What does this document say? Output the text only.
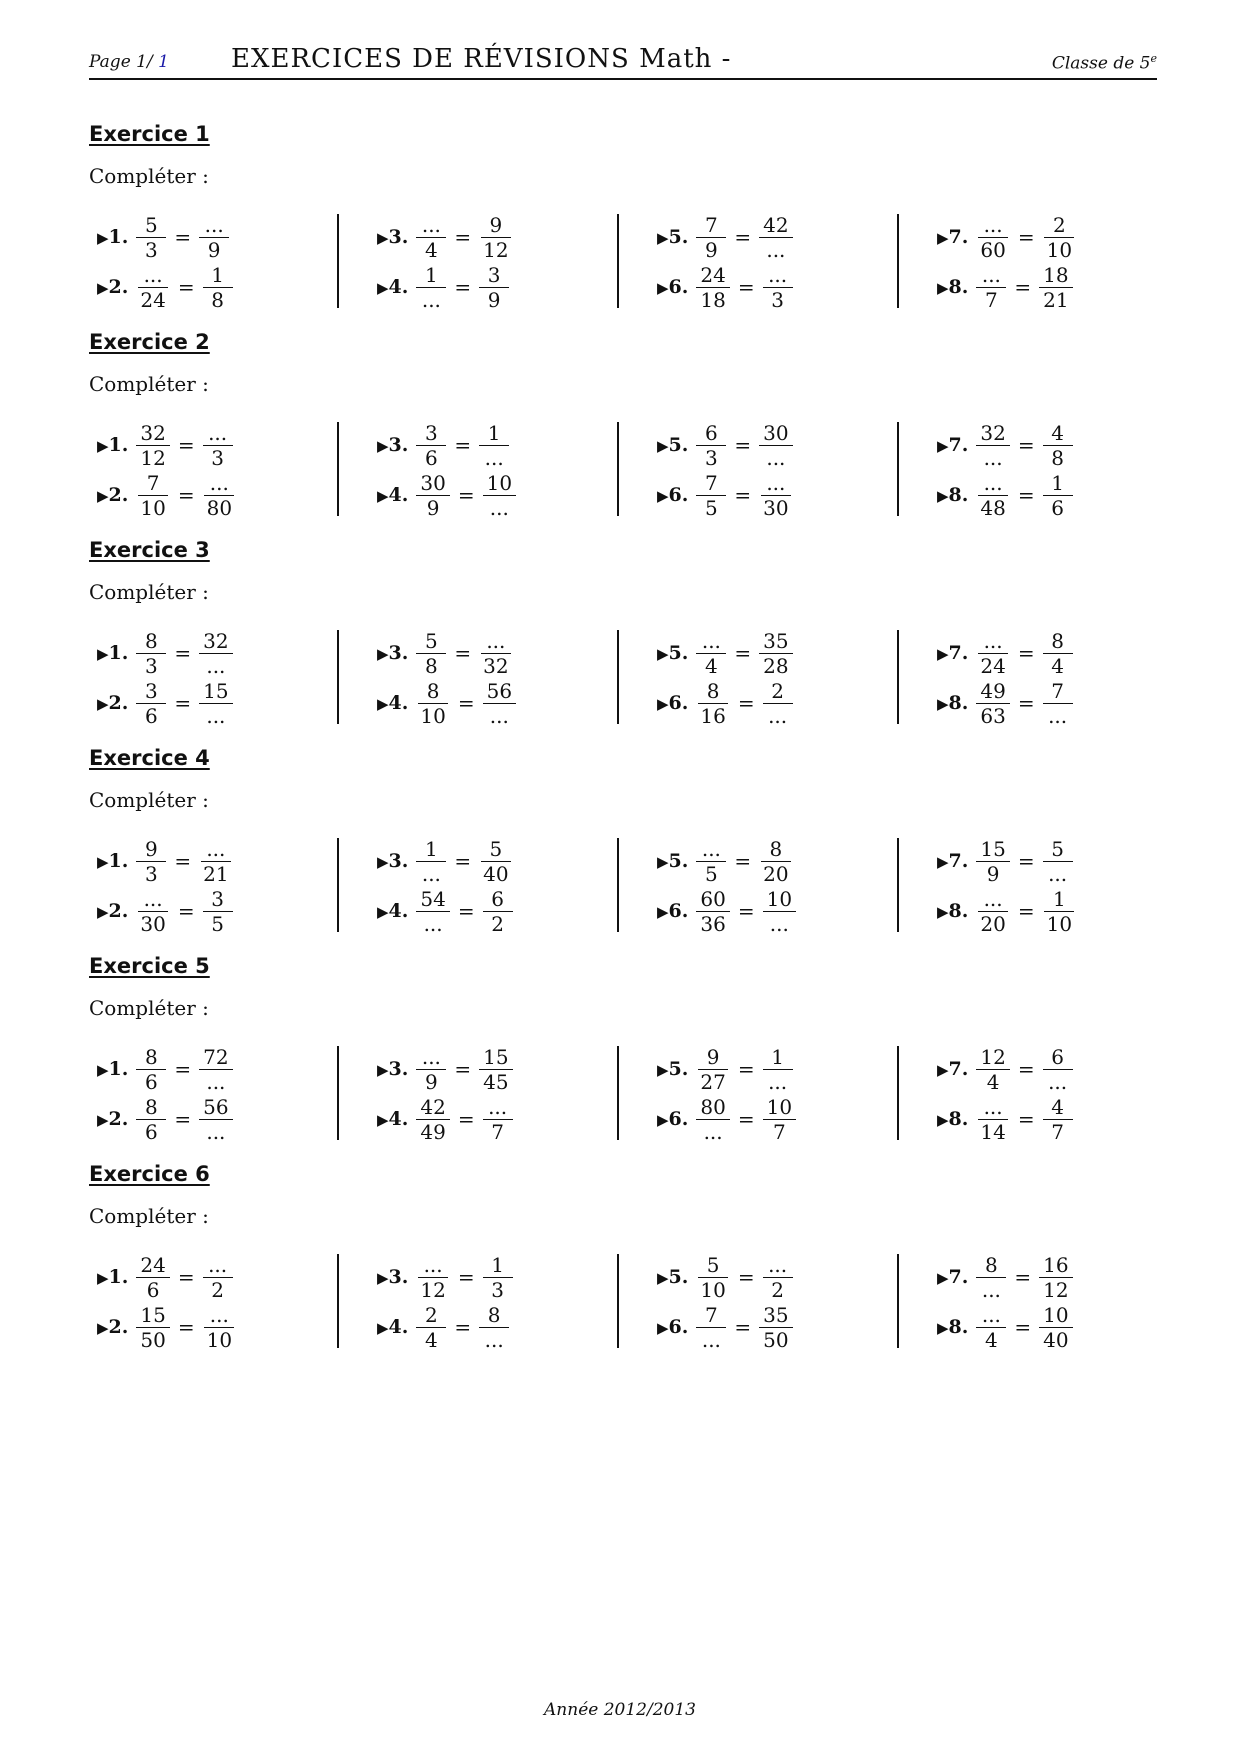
Page 1/ 1 EXERCICES DE RÉVISIONS Math -	Classe de 5e
Exercice 1
Compléter :
▶1. $\frac{5}{3} = \frac{...}{9}$
▶2. $\frac{...}{24} = \frac{1}{8}$
▶3. $\frac{...}{4} = \frac{9}{12}$
▶4. $\frac{1}{...} = \frac{3}{9}$
▶5. $\frac{7}{9} = \frac{42}{...}$
▶6. $\frac{24}{18} = \frac{...}{3}$
▶7. $\frac{...}{60} = \frac{2}{10}$
▶8. $\frac{...}{7} = \frac{18}{21}$
Exercice 2
Compléter :
▶1. $\frac{32}{12} = \frac{...}{3}$
▶2. $\frac{7}{10} = \frac{...}{80}$
▶3. $\frac{3}{6} = \frac{1}{...}$
▶4. $\frac{30}{9} = \frac{10}{...}$
▶5. $\frac{6}{3} = \frac{30}{...}$
▶6. $\frac{7}{5} = \frac{...}{30}$
▶7. $\frac{32}{...} = \frac{4}{8}$
▶8. $\frac{...}{48} = \frac{1}{6}$
Exercice 3
Compléter :
▶1. $\frac{8}{3} = \frac{32}{...}$
▶2. $\frac{3}{6} = \frac{15}{...}$
▶3. $\frac{5}{8} = \frac{...}{32}$
▶4. $\frac{8}{10} = \frac{56}{...}$
▶5. $\frac{...}{4} = \frac{35}{28}$
▶6. $\frac{8}{16} = \frac{2}{...}$
▶7. $\frac{...}{24} = \frac{8}{4}$
▶8. $\frac{49}{63} = \frac{7}{...}$
Exercice 4
Compléter :
▶1. $\frac{9}{3} = \frac{...}{21}$
▶2. $\frac{...}{30} = \frac{3}{5}$
▶3. $\frac{1}{...} = \frac{5}{40}$
▶4. $\frac{54}{...} = \frac{6}{2}$
▶5. $\frac{...}{5} = \frac{8}{20}$
▶6. $\frac{60}{36} = \frac{10}{...}$
▶7. $\frac{15}{9} = \frac{5}{...}$
▶8. $\frac{...}{20} = \frac{1}{10}$
Exercice 5
Compléter :
▶1. $\frac{8}{6} = \frac{72}{...}$
▶2. $\frac{8}{6} = \frac{56}{...}$
▶3. $\frac{...}{9} = \frac{15}{45}$
▶4. $\frac{42}{49} = \frac{...}{7}$
▶5. $\frac{9}{27} = \frac{1}{...}$
▶6. $\frac{80}{...} = \frac{10}{7}$
▶7. $\frac{12}{4} = \frac{6}{...}$
▶8. $\frac{...}{14} = \frac{4}{7}$
Exercice 6
Compléter :
▶1. $\frac{24}{6} = \frac{...}{2}$
▶2. $\frac{15}{50} = \frac{...}{10}$
▶3. $\frac{...}{12} = \frac{1}{3}$
▶4. $\frac{2}{4} = \frac{8}{...}$
▶5. $\frac{5}{10} = \frac{...}{2}$
▶6. $\frac{7}{...} = \frac{35}{50}$
▶7. $\frac{8}{...} = \frac{16}{12}$
▶8. $\frac{...}{4} = \frac{10}{40}$
Année 2012/2013
